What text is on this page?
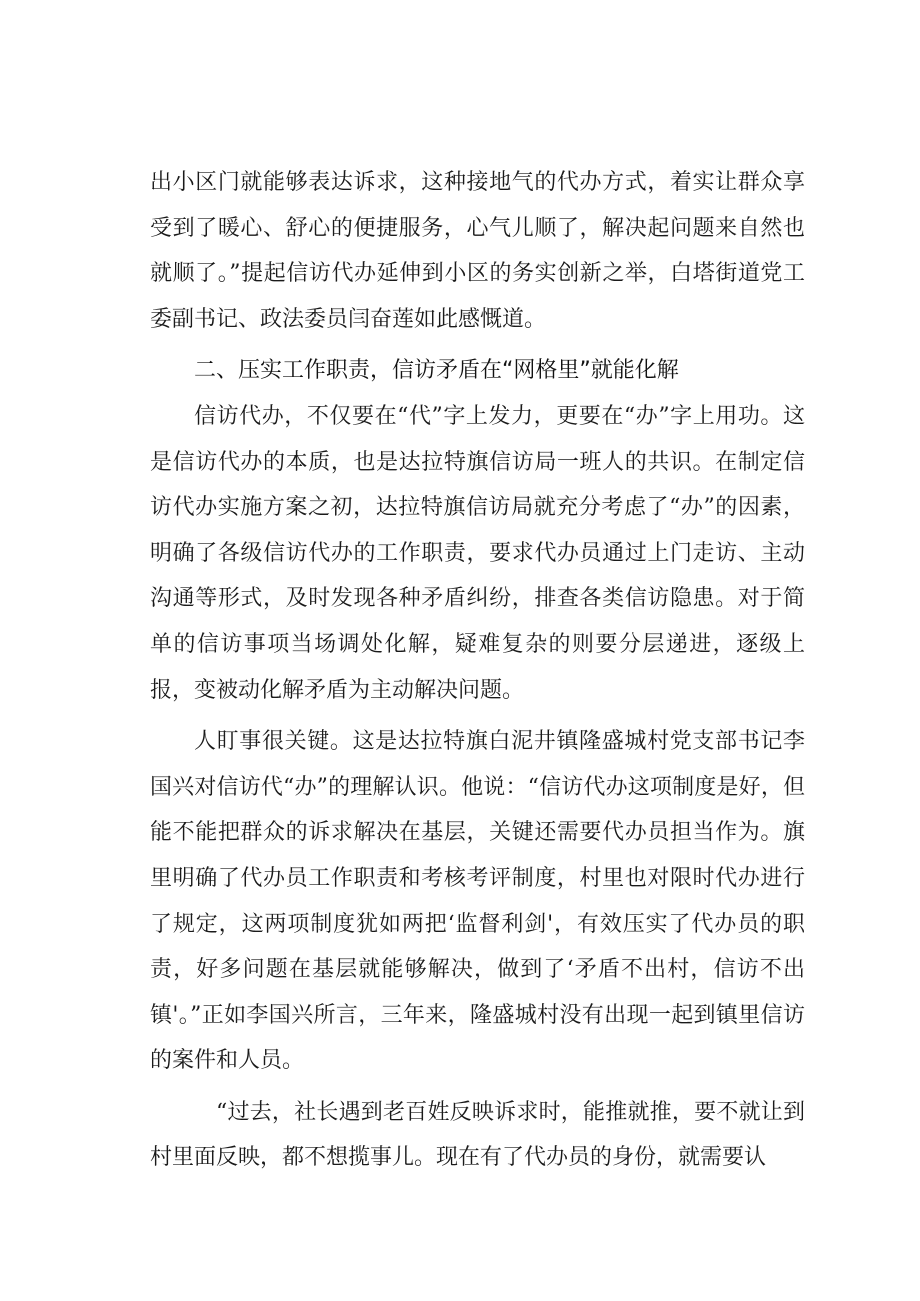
出小区门就能够表达诉求，这种接地气的代办方式，着实让群众享受到了暖心、舒心的便捷服务，心气儿顺了，解决起问题来自然也就顺了。”提起信访代办延伸到小区的务实创新之举，白塔街道党工委副书记、政法委员闫奋莲如此感慨道。

二、压实工作职责，信访矛盾在“网格里”就能化解

信访代办，不仅要在“代”字上发力，更要在“办”字上用功。这是信访代办的本质，也是达拉特旗信访局一班人的共识。在制定信访代办实施方案之初，达拉特旗信访局就充分考虑了“办”的因素，明确了各级信访代办的工作职责，要求代办员通过上门走访、主动沟通等形式，及时发现各种矛盾纠纷，排查各类信访隐患。对于简单的信访事项当场调处化解，疑难复杂的则要分层递进，逐级上报，变被动化解矛盾为主动解决问题。

人盯事很关键。这是达拉特旗白泥井镇隆盛城村党支部书记李国兴对信访代“办”的理解认识。他说：“信访代办这项制度是好，但能不能把群众的诉求解决在基层，关键还需要代办员担当作为。旗里明确了代办员工作职责和考核考评制度，村里也对限时代办进行了规定，这两项制度犹如两把‘监督利剑'，有效压实了代办员的职责，好多问题在基层就能够解决，做到了‘矛盾不出村，信访不出镇'。”正如李国兴所言，三年来，隆盛城村没有出现一起到镇里信访的案件和人员。

“过去，社长遇到老百姓反映诉求时，能推就推，要不就让到村里面反映，都不想揽事儿。现在有了代办员的身份，就需要认
